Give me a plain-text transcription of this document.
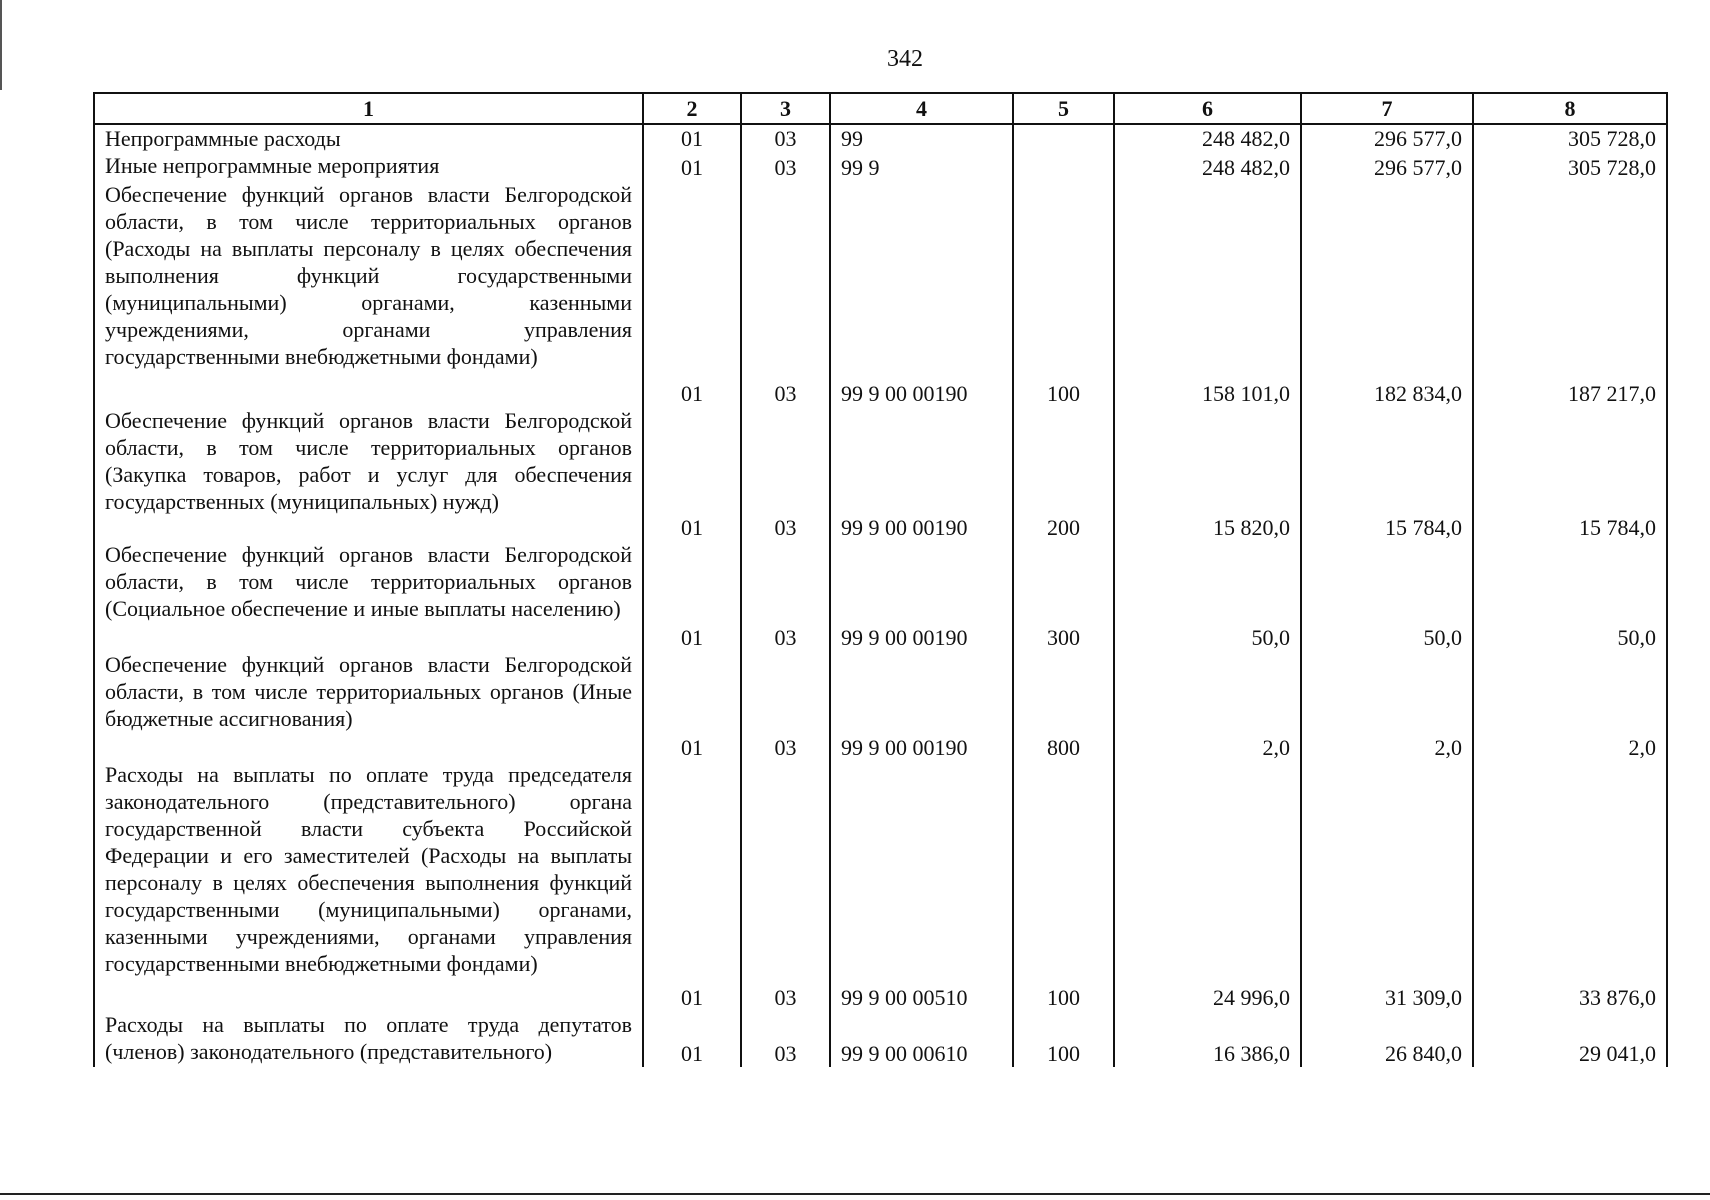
342
1	2	3	4	5	6	7	8
Непрограммные расходы	01	03	99		248 482,0	296 577,0	305 728,0
Иные непрограммные мероприятия	01	03	99 9		248 482,0	296 577,0	305 728,0
Обеспечение функций органов власти Белгородской области, в том числе территориальных органов (Расходы на выплаты персоналу в целях обеспечения выполнения функций государственными (муниципальными) органами, казенными учреждениями, органами управления государственными внебюджетными фондами)	01	03	99 9 00 00190	100	158 101,0	182 834,0	187 217,0
Обеспечение функций органов власти Белгородской области, в том числе территориальных органов (Закупка товаров, работ и услуг для обеспечения государственных (муниципальных) нужд)	01	03	99 9 00 00190	200	15 820,0	15 784,0	15 784,0
Обеспечение функций органов власти Белгородской области, в том числе территориальных органов (Социальное обеспечение и иные выплаты населению)	01	03	99 9 00 00190	300	50,0	50,0	50,0
Обеспечение функций органов власти Белгородской области, в том числе территориальных органов (Иные бюджетные ассигнования)	01	03	99 9 00 00190	800	2,0	2,0	2,0
Расходы на выплаты по оплате труда председателя законодательного (представительного) органа государственной власти субъекта Российской Федерации и его заместителей (Расходы на выплаты персоналу в целях обеспечения выполнения функций государственными (муниципальными) органами, казенными учреждениями, органами управления государственными внебюджетными фондами)	01	03	99 9 00 00510	100	24 996,0	31 309,0	33 876,0
Расходы на выплаты по оплате труда депутатов (членов) законодательного (представительного)	01	03	99 9 00 00610	100	16 386,0	26 840,0	29 041,0
